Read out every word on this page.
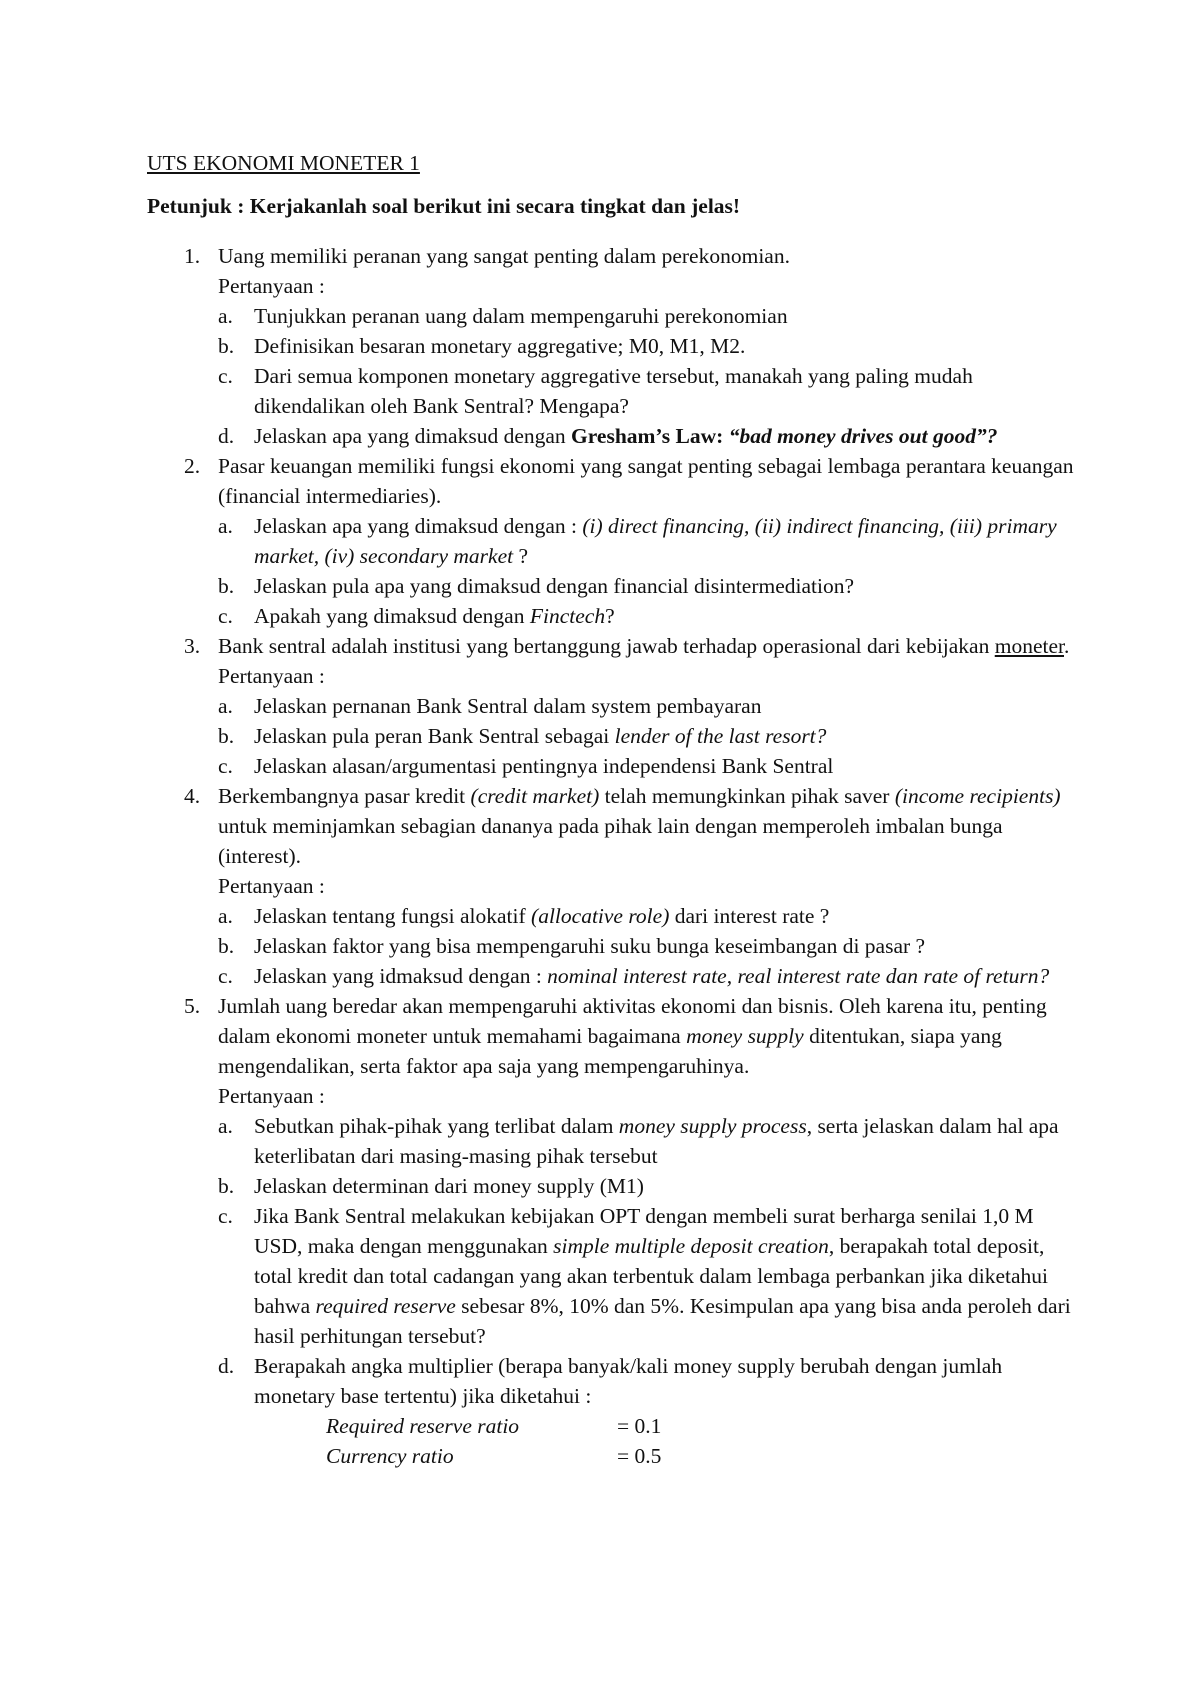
UTS EKONOMI MONETER 1

Petunjuk : Kerjakanlah soal berikut ini secara tingkat dan jelas!

1. Uang memiliki peranan yang sangat penting dalam perekonomian.
Pertanyaan :
a. Tunjukkan peranan uang dalam mempengaruhi perekonomian
b. Definisikan besaran monetary aggregative; M0, M1, M2.
c. Dari semua komponen monetary aggregative tersebut, manakah yang paling mudah dikendalikan oleh Bank Sentral? Mengapa?
d. Jelaskan apa yang dimaksud dengan Gresham’s Law: “bad money drives out good”?
2. Pasar keuangan memiliki fungsi ekonomi yang sangat penting sebagai lembaga perantara keuangan (financial intermediaries).
a. Jelaskan apa yang dimaksud dengan : (i) direct financing, (ii) indirect financing, (iii) primary market, (iv) secondary market ?
b. Jelaskan pula apa yang dimaksud dengan financial disintermediation?
c. Apakah yang dimaksud dengan Finctech?
3. Bank sentral adalah institusi yang bertanggung jawab terhadap operasional dari kebijakan moneter. Pertanyaan :
a. Jelaskan pernanan Bank Sentral dalam system pembayaran
b. Jelaskan pula peran Bank Sentral sebagai lender of the last resort?
c. Jelaskan alasan/argumentasi pentingnya independensi Bank Sentral
4. Berkembangnya pasar kredit (credit market) telah memungkinkan pihak saver (income recipients) untuk meminjamkan sebagian dananya pada pihak lain dengan memperoleh imbalan bunga (interest).
Pertanyaan :
a. Jelaskan tentang fungsi alokatif (allocative role) dari interest rate ?
b. Jelaskan faktor yang bisa mempengaruhi suku bunga keseimbangan di pasar ?
c. Jelaskan yang idmaksud dengan : nominal interest rate, real interest rate dan rate of return?
5. Jumlah uang beredar akan mempengaruhi aktivitas ekonomi dan bisnis. Oleh karena itu, penting dalam ekonomi moneter untuk memahami bagaimana money supply ditentukan, siapa yang mengendalikan, serta faktor apa saja yang mempengaruhinya.
Pertanyaan :
a. Sebutkan pihak-pihak yang terlibat dalam money supply process, serta jelaskan dalam hal apa keterlibatan dari masing-masing pihak tersebut
b. Jelaskan determinan dari money supply (M1)
c. Jika Bank Sentral melakukan kebijakan OPT dengan membeli surat berharga senilai 1,0 M USD, maka dengan menggunakan simple multiple deposit creation, berapakah total deposit, total kredit dan total cadangan yang akan terbentuk dalam lembaga perbankan jika diketahui bahwa required reserve sebesar 8%, 10% dan 5%. Kesimpulan apa yang bisa anda peroleh dari hasil perhitungan tersebut?
d. Berapakah angka multiplier (berapa banyak/kali money supply berubah dengan jumlah monetary base tertentu) jika diketahui :
Required reserve ratio	= 0.1
Currency ratio	= 0.5
